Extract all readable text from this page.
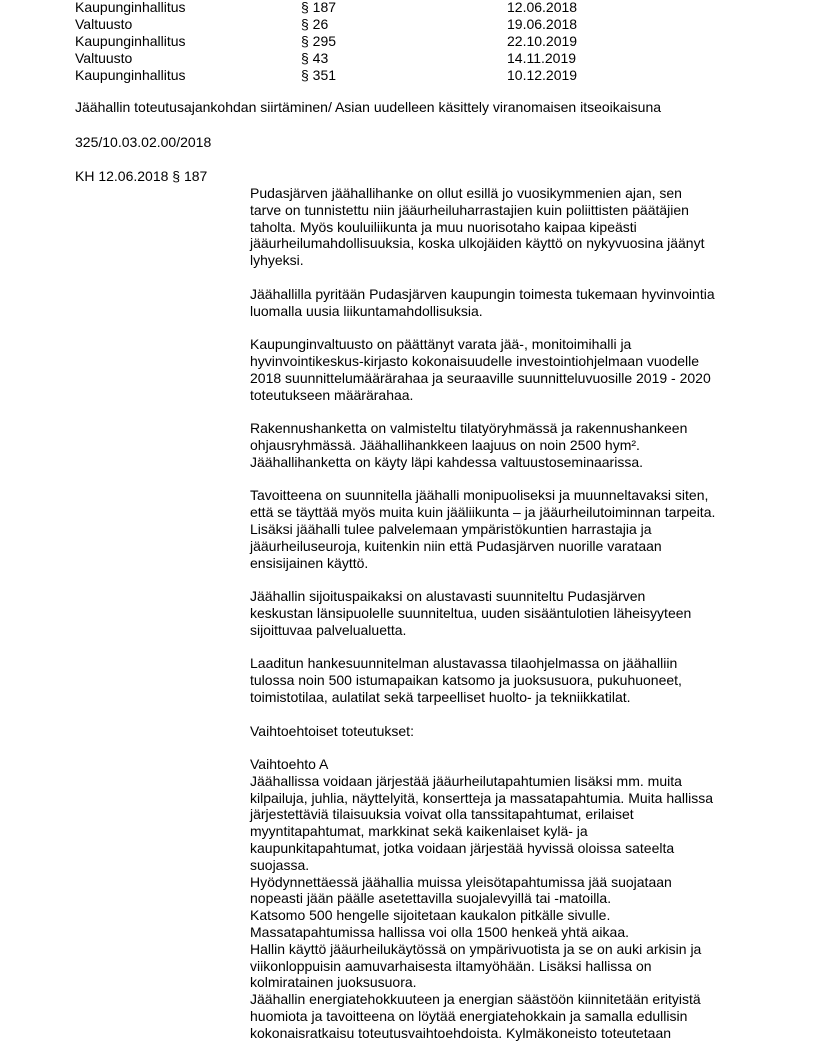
Kaupunginhallitus	§ 187	12.06.2018
Valtuusto	§ 26	19.06.2018
Kaupunginhallitus	§ 295	22.10.2019
Valtuusto	§ 43	14.11.2019
Kaupunginhallitus	§ 351	10.12.2019
Jäähallin toteutusajankohdan siirtäminen/ Asian uudelleen käsittely viranomaisen itseoikaisuna
325/10.03.02.00/2018
KH 12.06.2018 § 187

Pudasjärven jäähallihanke on ollut esillä jo vuosikymmenien ajan, sen
tarve on tunnistettu niin jääurheiluharrastajien kuin poliittisten päätäjien
taholta. Myös kouluiliikunta ja muu nuorisotaho kaipaa kipeästi
jääurheilumahdollisuuksia, koska ulkojäiden käyttö on nykyvuosina jäänyt
lyhyeksi.

Jäähallilla pyritään Pudasjärven kaupungin toimesta tukemaan hyvinvointia
luomalla uusia liikuntamahdollisuksia.

Kaupunginvaltuusto on päättänyt varata jää-, monitoimihalli ja
hyvinvointikeskus-kirjasto kokonaisuudelle investointiohjelmaan vuodelle
2018 suunnittelumäärärahaa ja seuraaville suunnitteluvuosille 2019 - 2020
toteutukseen määrärahaa.

Rakennushanketta on valmisteltu tilatyöryhmässä ja rakennushankeen
ohjausryhmässä. Jäähallihankkeen laajuus on noin 2500 hym².
Jäähallihanketta on käyty läpi kahdessa valtuustoseminaarissa.

Tavoitteena on suunnitella jäähalli monipuoliseksi ja muunneltavaksi siten,
että se täyttää myös muita kuin jääliikunta – ja jääurheilutoiminnan tarpeita.
Lisäksi jäähalli tulee palvelemaan ympäristökuntien harrastajia ja
jääurheiluseuroja, kuitenkin niin että Pudasjärven nuorille varataan
ensisijainen käyttö.

Jäähallin sijoituspaikaksi on alustavasti suunniteltu Pudasjärven
keskustan länsipuolelle suunniteltua, uuden sisääntulotien läheisyyteen
sijoittuvaa palvelualuetta.

Laaditun hankesuunnitelman alustavassa tilaohjelmassa on jäähalliin
tulossa noin 500 istumapaikan katsomo ja juoksusuora, pukuhuoneet,
toimistotilaa, aulatilat sekä tarpeelliset huolto- ja tekniikkatilat.

Vaihtoehtoiset toteutukset:

Vaihtoehto A
Jäähallissa voidaan järjestää jääurheilutapahtumien lisäksi mm. muita
kilpailuja, juhlia, näyttelyitä, konsertteja ja massatapahtumia. Muita hallissa
järjestettäviä tilaisuuksia voivat olla tanssitapahtumat, erilaiset
myyntitapahtumat, markkinat sekä kaikenlaiset kylä- ja
kaupunkitapahtumat, jotka voidaan järjestää hyvissä oloissa sateelta
suojassa.
Hyödynnettäessä jäähallia muissa yleisötapahtumissa jää suojataan
nopeasti jään päälle asetettavilla suojalevyillä tai -matoilla.
Katsomo 500 hengelle sijoitetaan kaukalon pitkälle sivulle.
Massatapahtumissa hallissa voi olla 1500 henkeä yhtä aikaa.
Hallin käyttö jääurheilukäytössä on ympärivuotista ja se on auki arkisin ja
viikonloppuisin aamuvarhaisesta iltamyöhään. Lisäksi hallissa on
kolmiratainen juoksusuora.
Jäähallin energiatehokkuuteen ja energian säästöön kiinnitetään erityistä
huomiota ja tavoitteena on löytää energiatehokkain ja samalla edullisin
kokonaisratkaisu toteutusvaihtoehdoista. Kylmäkoneisto toteutetaan
